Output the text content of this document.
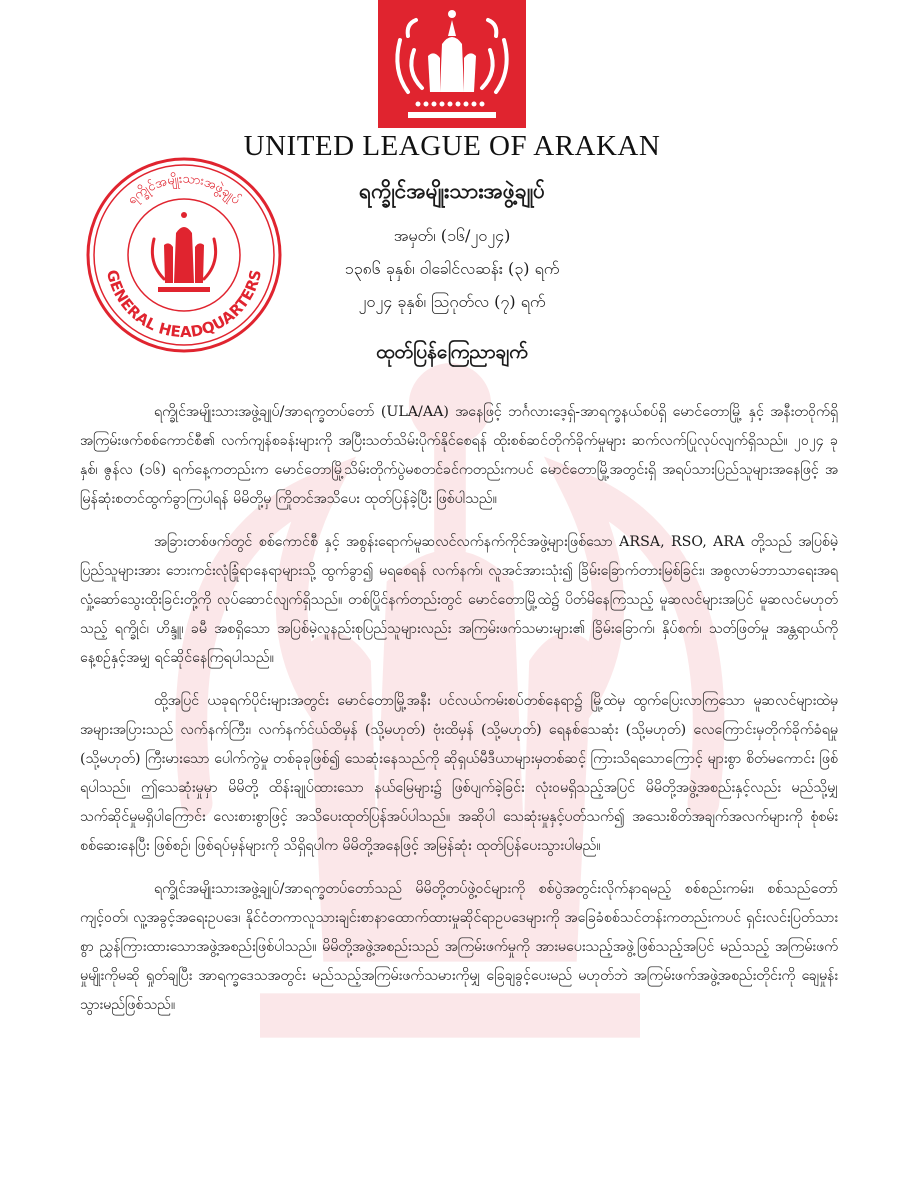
UNITED LEAGUE OF ARAKAN
ရက္ခိုင်အမျိုးသားအဖွဲ့ချုပ်
ရက္ခိုင်အမျိုးသားအဖွဲ့ချုပ်
GENERAL HEADQUARTERS
အမှတ်၊ (၁၆/၂၀၂၄)
၁၃၈၆ ခုနှစ်၊ ဝါခေါင်လဆန်း (၃) ရက်
၂၀၂၄ ခုနှစ်၊ ဩဂုတ်လ (၇) ရက်
ထုတ်ပြန်ကြေညာချက်

ရက္ခိုင်အမျိုးသားအဖွဲ့ချုပ်/အာရက္ခတပ်တော် (ULA/AA) အနေဖြင့် ဘင်္ဂလားဒေ့ရှ်-အာရက္ခနယ်စပ်ရှိ မောင်တောမြို့ နှင့် အနီးတဝိုက်ရှိ အကြမ်းဖက်စစ်ကောင်စီ၏ လက်ကျန်စခန်းများကို အပြီးသတ်သိမ်းပိုက်နိုင်စေရန် ထိုးစစ်ဆင်တိုက်ခိုက်မှုများ ဆက်လက်ပြုလုပ်လျက်ရှိသည်။ ၂၀၂၄ ခုနှစ်၊ ဇွန်လ (၁၆) ရက်နေ့ကတည်းက မောင်တောမြို့သိမ်းတိုက်ပွဲမစတင်ခင်ကတည်းကပင် မောင်တောမြို့အတွင်းရှိ အရပ်သားပြည်သူများအနေဖြင့် အမြန်ဆုံးစတင်ထွက်ခွာကြပါရန် မိမိတို့မှ ကြိုတင်အသိပေး ထုတ်ပြန်ခဲ့ပြီး ဖြစ်ပါသည်။

အခြားတစ်ဖက်တွင် စစ်ကောင်စီ နှင့် အစွန်းရောက်မူဆလင်လက်နက်ကိုင်အဖွဲ့များဖြစ်သော ARSA, RSO, ARA တို့သည် အပြစ်မဲ့ပြည်သူများအား ဘေးကင်းလုံခြုံရာနေရာများသို့ ထွက်ခွာ၍ မရစေရန် လက်နက်၊ လူအင်အားသုံး၍ ခြိမ်းခြောက်တားမြစ်ခြင်း၊ အစွလာမ်ဘာသာရေးအရ လှုံ့ဆော်သွေးထိုးခြင်းတို့ကို လုပ်ဆောင်လျက်ရှိသည်။ တစ်ပြိုင်နက်တည်းတွင် မောင်တောမြို့ထဲ၌ ပိတ်မိနေကြသည့် မူဆလင်များအပြင် မူဆလင်မဟုတ်သည့် ရက္ခိုင်၊ ဟိန္ဒူ၊ ခမီ အစရှိသော အပြစ်မဲ့လူနည်းစုပြည်သူများလည်း အကြမ်းဖက်သမားများ၏ ခြိမ်းခြောက်၊ နှိပ်စက်၊ သတ်ဖြတ်မှု အန္တရာယ်ကို နေ့စဉ်နှင့်အမျှ ရင်ဆိုင်နေကြရပါသည်။

ထို့အပြင် ယခုရက်ပိုင်းများအတွင်း မောင်တောမြို့အနီး ပင်လယ်ကမ်းစပ်တစ်နေရာ၌ မြို့ထဲမှ ထွက်ပြေးလာကြသော မူဆလင်များထဲမှ အများအပြားသည် လက်နက်ကြီး၊ လက်နက်င်ယ်ထိမှန် (သို့မဟုတ်) ဗုံးထိမှန် (သို့မဟုတ်) ရေနစ်သေဆုံး (သို့မဟုတ်) လေကြောင်းမှတိုက်ခိုက်ခံရမှု (သို့မဟုတ်) ကြီးမားသော ပေါက်ကွဲမှု တစ်ခုခုဖြစ်၍ သေဆုံးနေသည်ကို ဆိုရှယ်မီဒီယာများမှတစ်ဆင့် ကြားသိရသောကြောင့် များစွာ စိတ်မကောင်း ဖြစ်ရပါသည်။ ဤသေဆုံးမှုမှာ မိမိတို့ ထိန်းချုပ်ထားသော နယ်မြေများ၌ ဖြစ်ပျက်ခဲ့ခြင်း လုံးဝမရှိသည့်အပြင် မိမိတို့အဖွဲ့အစည်းနှင့်လည်း မည်သို့မျှ သက်ဆိုင်မှုမရှိပါကြောင်း လေးစားစွာဖြင့် အသိပေးထုတ်ပြန်အပ်ပါသည်။ အဆိုပါ သေဆုံးမှုနှင့်ပတ်သက်၍ အသေးစိတ်အချက်အလက်များကို စုံစမ်းစစ်ဆေးနေပြီး ဖြစ်စဉ်၊ ဖြစ်ရပ်မှန်များကို သိရှိရပါက မိမိတို့အနေဖြင့် အမြန်ဆုံး ထုတ်ပြန်ပေးသွားပါမည်။

ရက္ခိုင်အမျိုးသားအဖွဲ့ချုပ်/အာရက္ခတပ်တော်သည် မိမိတို့တပ်ဖွဲ့ဝင်များကို စစ်ပွဲအတွင်းလိုက်နာရမည့် စစ်စည်းကမ်း၊ စစ်သည်တော်ကျင့်ဝတ်၊ လူ့အခွင့်အရေးဥပဒေ၊ နိုင်ငံတကာလူသားချင်းစာနာထောက်ထားမှုဆိုင်ရာဥပဒေများကို အခြေခံစစ်သင်တန်းကတည်းကပင် ရှင်းလင်းပြတ်သားစွာ ညွှန်ကြားထားသောအဖွဲ့အစည်းဖြစ်ပါသည်။ မိမိတို့အဖွဲ့အစည်းသည် အကြမ်းဖက်မှုကို အားမပေးသည့်အဖွဲ့ဖြစ်သည့်အပြင် မည်သည့် အကြမ်းဖက်မှုမျိုးကိုမဆို ရှုတ်ချပြီး အာရက္ခဒေသအတွင်း မည်သည့်အကြမ်းဖက်သမားကိုမျှ ခြေချခွင့်ပေးမည် မဟုတ်ဘဲ အကြမ်းဖက်အဖွဲ့အစည်းတိုင်းကို ချေမှုန်းသွားမည်ဖြစ်သည်။
